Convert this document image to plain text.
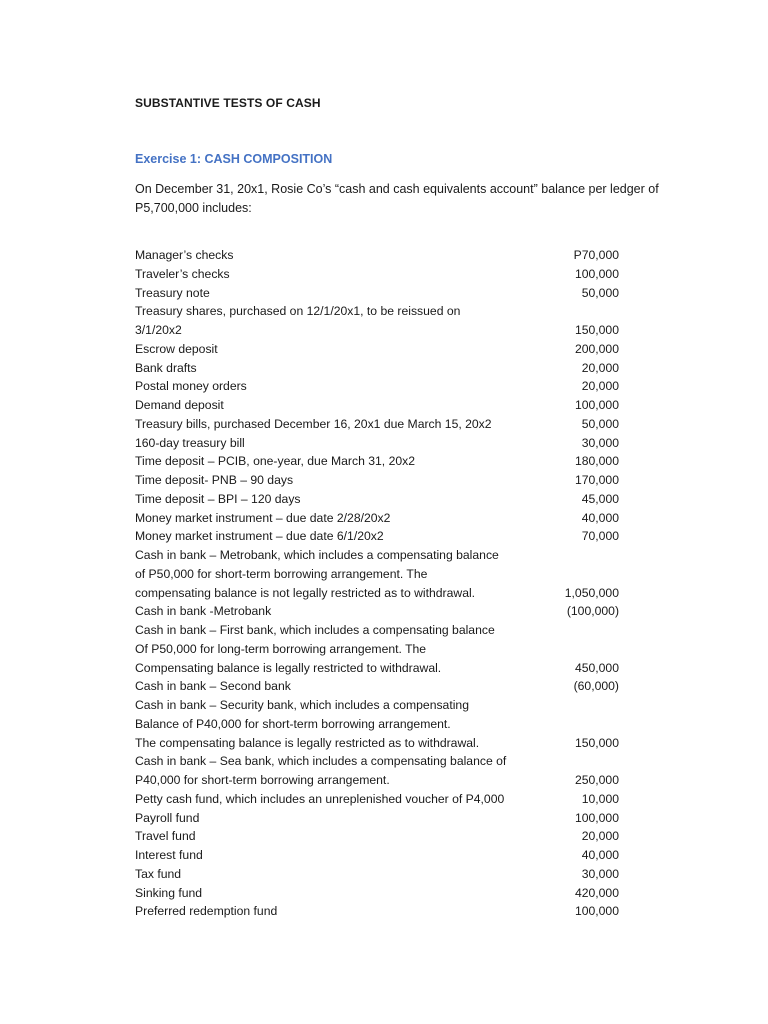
SUBSTANTIVE TESTS OF CASH
Exercise 1: CASH COMPOSITION
On December 31, 20x1, Rosie Co’s “cash and cash equivalents account” balance per ledger of P5,700,000 includes:
Manager’s checks	P70,000
Traveler’s checks	100,000
Treasury note	50,000
Treasury shares, purchased on 12/1/20x1, to be reissued on
3/1/20x2	150,000
Escrow deposit	200,000
Bank drafts	20,000
Postal money orders	20,000
Demand deposit	100,000
Treasury bills, purchased December 16, 20x1 due March 15, 20x2	50,000
160-day treasury bill	30,000
Time deposit – PCIB, one-year, due March 31, 20x2	180,000
Time deposit- PNB – 90 days	170,000
Time deposit – BPI – 120 days	45,000
Money market instrument – due date 2/28/20x2	40,000
Money market instrument – due date 6/1/20x2	70,000
Cash in bank – Metrobank, which includes a compensating balance
of P50,000 for short-term borrowing arrangement. The
compensating balance is not legally restricted as to withdrawal.	1,050,000
Cash in bank -Metrobank	(100,000)
Cash in bank – First bank, which includes a compensating balance
Of P50,000 for long-term borrowing arrangement. The
Compensating balance is legally restricted to withdrawal.	450,000
Cash in bank – Second bank	(60,000)
Cash in bank – Security bank, which includes a compensating
Balance of P40,000 for short-term borrowing arrangement.
The compensating balance is legally restricted as to withdrawal.	150,000
Cash in bank – Sea bank, which includes a compensating balance of
P40,000 for short-term borrowing arrangement.	250,000
Petty cash fund, which includes an unreplenished voucher of P4,000	10,000
Payroll fund	100,000
Travel fund	20,000
Interest fund	40,000
Tax fund	30,000
Sinking fund	420,000
Preferred redemption fund	100,000
